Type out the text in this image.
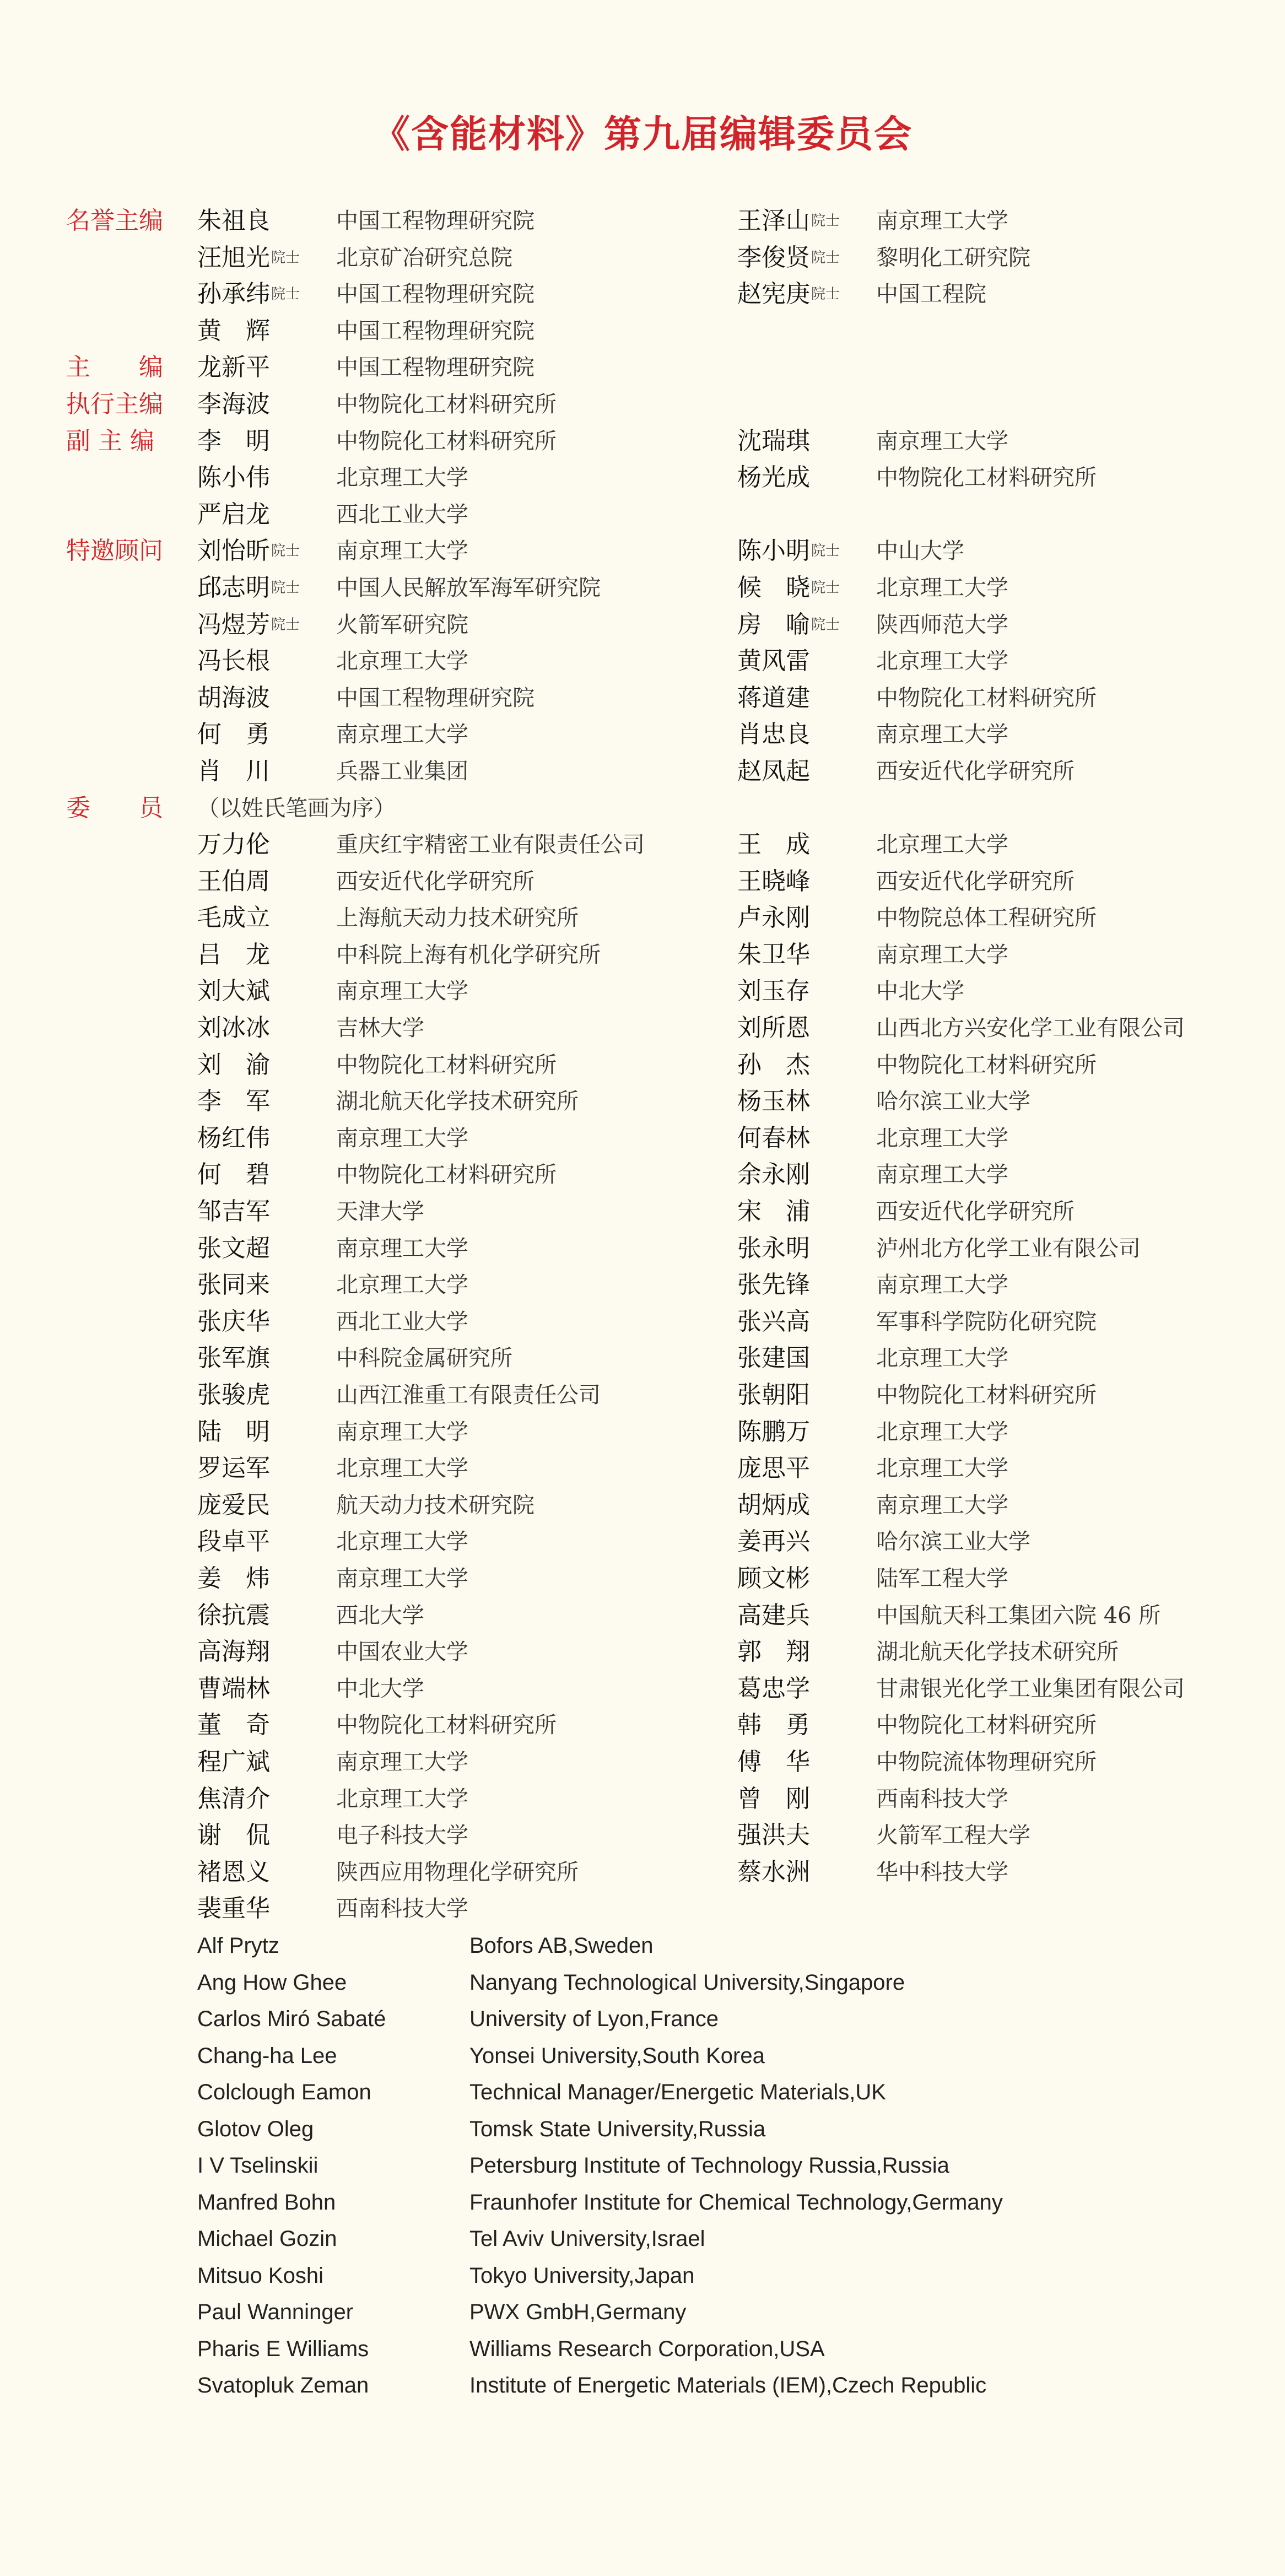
《含能材料》第九届编辑委员会
名誉主编 朱祖良	中国工程物理研究院	王泽山 院士 南京理工大学
汪旭光 院士 北京矿冶研究总院	李俊贤 院士 黎明化工研究院
孙承纬 院士 中国工程物理研究院	赵宪庚 院士 中国工程院
黄　辉	中国工程物理研究院
主　　编 龙新平	中国工程物理研究院
执行主编 李海波	中物院化工材料研究所
副 主 编 李　明	中物院化工材料研究所	沈瑞琪	南京理工大学
陈小伟	北京理工大学	杨光成	中物院化工材料研究所
严启龙	西北工业大学
特邀顾问 刘怡昕 院士 南京理工大学	陈小明 院士 中山大学
邱志明 院士 中国人民解放军海军研究院	候　晓 院士 北京理工大学
冯煜芳 院士 火箭军研究院	房　喻 院士 陕西师范大学
冯长根	北京理工大学	黄风雷	北京理工大学
胡海波	中国工程物理研究院	蒋道建	中物院化工材料研究所
何　勇	南京理工大学	肖忠良	南京理工大学
肖　川	兵器工业集团	赵凤起	西安近代化学研究所
委　　员 （以姓氏笔画为序）
万力伦	重庆红宇精密工业有限责任公司	王　成	北京理工大学
王伯周	西安近代化学研究所	王晓峰	西安近代化学研究所
毛成立	上海航天动力技术研究所	卢永刚	中物院总体工程研究所
吕　龙	中科院上海有机化学研究所	朱卫华	南京理工大学
刘大斌	南京理工大学	刘玉存	中北大学
刘冰冰	吉林大学	刘所恩	山西北方兴安化学工业有限公司
刘　渝	中物院化工材料研究所	孙　杰	中物院化工材料研究所
李　军	湖北航天化学技术研究所	杨玉林	哈尔滨工业大学
杨红伟	南京理工大学	何春林	北京理工大学
何　碧	中物院化工材料研究所	余永刚	南京理工大学
邹吉军	天津大学	宋　浦	西安近代化学研究所
张文超	南京理工大学	张永明	泸州北方化学工业有限公司
张同来	北京理工大学	张先锋	南京理工大学
张庆华	西北工业大学	张兴高	军事科学院防化研究院
张军旗	中科院金属研究所	张建国	北京理工大学
张骏虎	山西江淮重工有限责任公司	张朝阳	中物院化工材料研究所
陆　明	南京理工大学	陈鹏万	北京理工大学
罗运军	北京理工大学	庞思平	北京理工大学
庞爱民	航天动力技术研究院	胡炳成	南京理工大学
段卓平	北京理工大学	姜再兴	哈尔滨工业大学
姜　炜	南京理工大学	顾文彬	陆军工程大学
徐抗震	西北大学	高建兵	中国航天科工集团六院 46 所
高海翔	中国农业大学	郭　翔	湖北航天化学技术研究所
曹端林	中北大学	葛忠学	甘肃银光化学工业集团有限公司
董　奇	中物院化工材料研究所	韩　勇	中物院化工材料研究所
程广斌	南京理工大学	傅　华	中物院流体物理研究所
焦清介	北京理工大学	曾　刚	西南科技大学
谢　侃	电子科技大学	强洪夫	火箭军工程大学
褚恩义	陕西应用物理化学研究所	蔡水洲	华中科技大学
裴重华	西南科技大学
Alf Prytz	Bofors AB,Sweden
Ang How Ghee	Nanyang Technological University,Singapore
Carlos Miró Sabaté	University of Lyon,France
Chang-ha Lee	Yonsei University,South Korea
Colclough Eamon	Technical Manager/Energetic Materials,UK
Glotov Oleg	Tomsk State University,Russia
I V Tselinskii	Petersburg Institute of Technology Russia,Russia
Manfred Bohn	Fraunhofer Institute for Chemical Technology,Germany
Michael Gozin	Tel Aviv University,Israel
Mitsuo Koshi	Tokyo University,Japan
Paul Wanninger	PWX GmbH,Germany
Pharis E Williams	Williams Research Corporation,USA
Svatopluk Zeman	Institute of Energetic Materials (IEM),Czech Republic
